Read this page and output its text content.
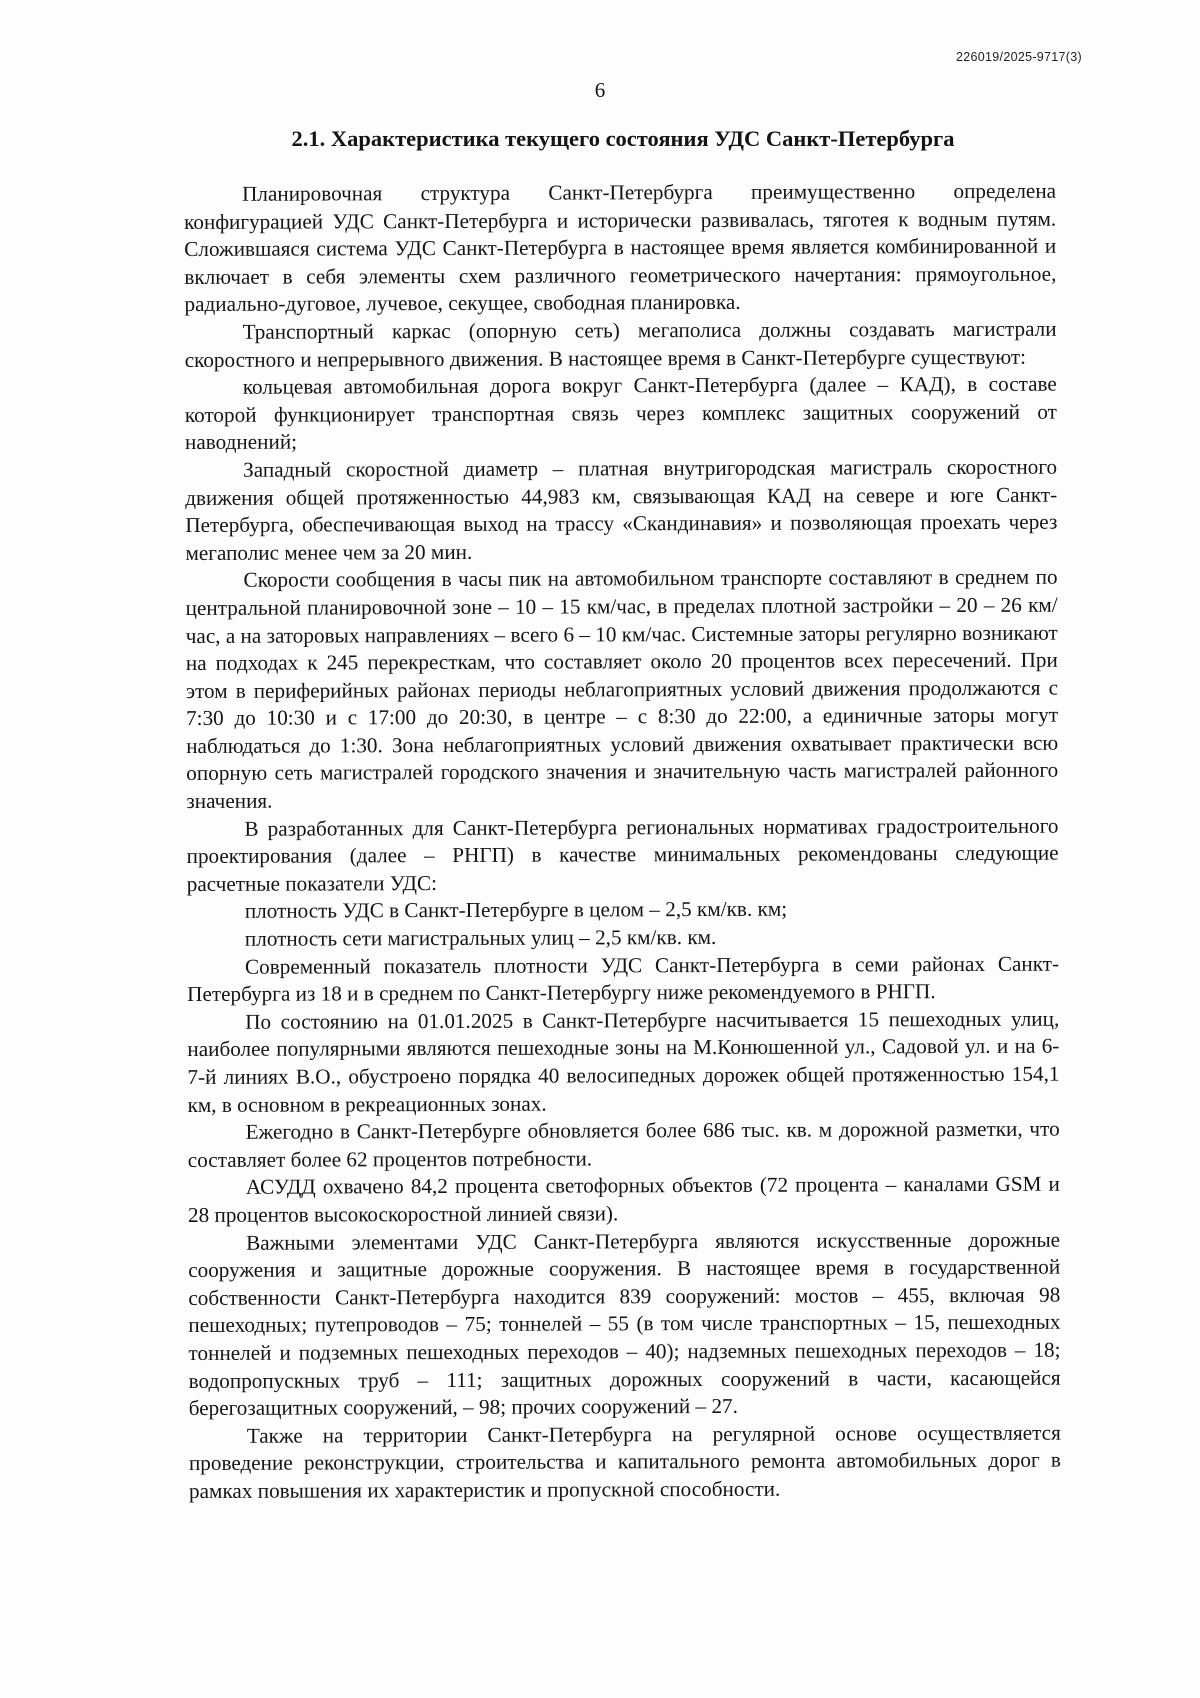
226019/2025-9717(3)
6
2.1. Характеристика текущего состояния УДС Санкт-Петербурга

Планировочная структура Санкт-Петербурга преимущественно определена конфигурацией УДС Санкт-Петербурга и исторически развивалась, тяготея к водным путям. Сложившаяся система УДС Санкт-Петербурга в настоящее время является комбинированной и включает в себя элементы схем различного геометрического начертания: прямоугольное, радиально-дуговое, лучевое, секущее, свободная планировка.

Транспортный каркас (опорную сеть) мегаполиса должны создавать магистрали скоростного и непрерывного движения. В настоящее время в Санкт-Петербурге существуют:

кольцевая автомобильная дорога вокруг Санкт-Петербурга (далее – КАД), в составе которой функционирует транспортная связь через комплекс защитных сооружений от наводнений;

Западный скоростной диаметр – платная внутригородская магистраль скоростного движения общей протяженностью 44,983 км, связывающая КАД на севере и юге Санкт-Петербурга, обеспечивающая выход на трассу «Скандинавия» и позволяющая проехать через мегаполис менее чем за 20 мин.

Скорости сообщения в часы пик на автомобильном транспорте составляют в среднем по центральной планировочной зоне – 10 – 15 км/час, в пределах плотной застройки – 20 – 26 км/час, а на заторовых направлениях – всего 6 – 10 км/час. Системные заторы регулярно возникают на подходах к 245 перекресткам, что составляет около 20 процентов всех пересечений. При этом в периферийных районах периоды неблагоприятных условий движения продолжаются с 7:30 до 10:30 и с 17:00 до 20:30, в центре – с 8:30 до 22:00, а единичные заторы могут наблюдаться до 1:30. Зона неблагоприятных условий движения охватывает практически всю опорную сеть магистралей городского значения и значительную часть магистралей районного значения.

В разработанных для Санкт-Петербурга региональных нормативах градостроительного проектирования (далее – РНГП) в качестве минимальных рекомендованы следующие расчетные показатели УДС:

плотность УДС в Санкт-Петербурге в целом – 2,5 км/кв. км;

плотность сети магистральных улиц – 2,5 км/кв. км.

Современный показатель плотности УДС Санкт-Петербурга в семи районах Санкт-Петербурга из 18 и в среднем по Санкт-Петербургу ниже рекомендуемого в РНГП.

По состоянию на 01.01.2025 в Санкт-Петербурге насчитывается 15 пешеходных улиц, наиболее популярными являются пешеходные зоны на М.Конюшенной ул., Садовой ул. и на 6-7-й линиях В.О., обустроено порядка 40 велосипедных дорожек общей протяженностью 154,1 км, в основном в рекреационных зонах.

Ежегодно в Санкт-Петербурге обновляется более 686 тыс. кв. м дорожной разметки, что составляет более 62 процентов потребности.

АСУДД охвачено 84,2 процента светофорных объектов (72 процента – каналами GSM и 28 процентов высокоскоростной линией связи).

Важными элементами УДС Санкт-Петербурга являются искусственные дорожные сооружения и защитные дорожные сооружения. В настоящее время в государственной собственности Санкт-Петербурга находится 839 сооружений: мостов – 455, включая 98 пешеходных; путепроводов – 75; тоннелей – 55 (в том числе транспортных – 15, пешеходных тоннелей и подземных пешеходных переходов – 40); надземных пешеходных переходов – 18; водопропускных труб – 111; защитных дорожных сооружений в части, касающейся берегозащитных сооружений, – 98; прочих сооружений – 27.

Также на территории Санкт-Петербурга на регулярной основе осуществляется проведение реконструкции, строительства и капитального ремонта автомобильных дорог в рамках повышения их характеристик и пропускной способности.
